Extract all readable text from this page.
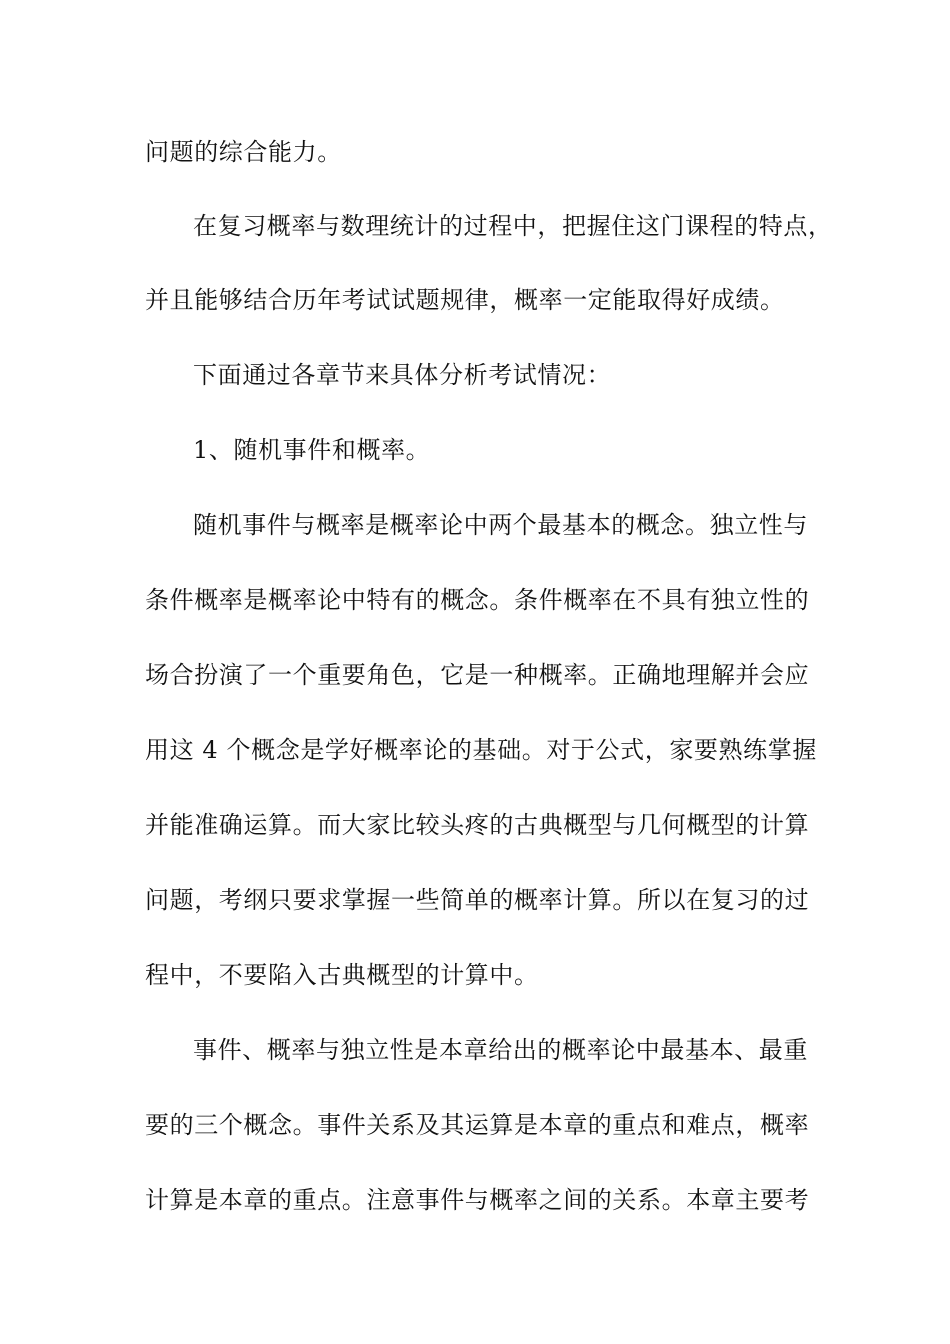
问题的综合能力。
在复习概率与数理统计的过程中，把握住这门课程的特点，
并且能够结合历年考试试题规律，概率一定能取得好成绩。
下面通过各章节来具体分析考试情况：
1、随机事件和概率。
随机事件与概率是概率论中两个最基本的概念。独立性与
条件概率是概率论中特有的概念。条件概率在不具有独立性的
场合扮演了一个重要角色，它是一种概率。正确地理解并会应
用这 4 个概念是学好概率论的基础。对于公式，家要熟练掌握
并能准确运算。而大家比较头疼的古典概型与几何概型的计算
问题，考纲只要求掌握一些简单的概率计算。所以在复习的过
程中，不要陷入古典概型的计算中。
事件、概率与独立性是本章给出的概率论中最基本、最重
要的三个概念。事件关系及其运算是本章的重点和难点，概率
计算是本章的重点。注意事件与概率之间的关系。本章主要考
